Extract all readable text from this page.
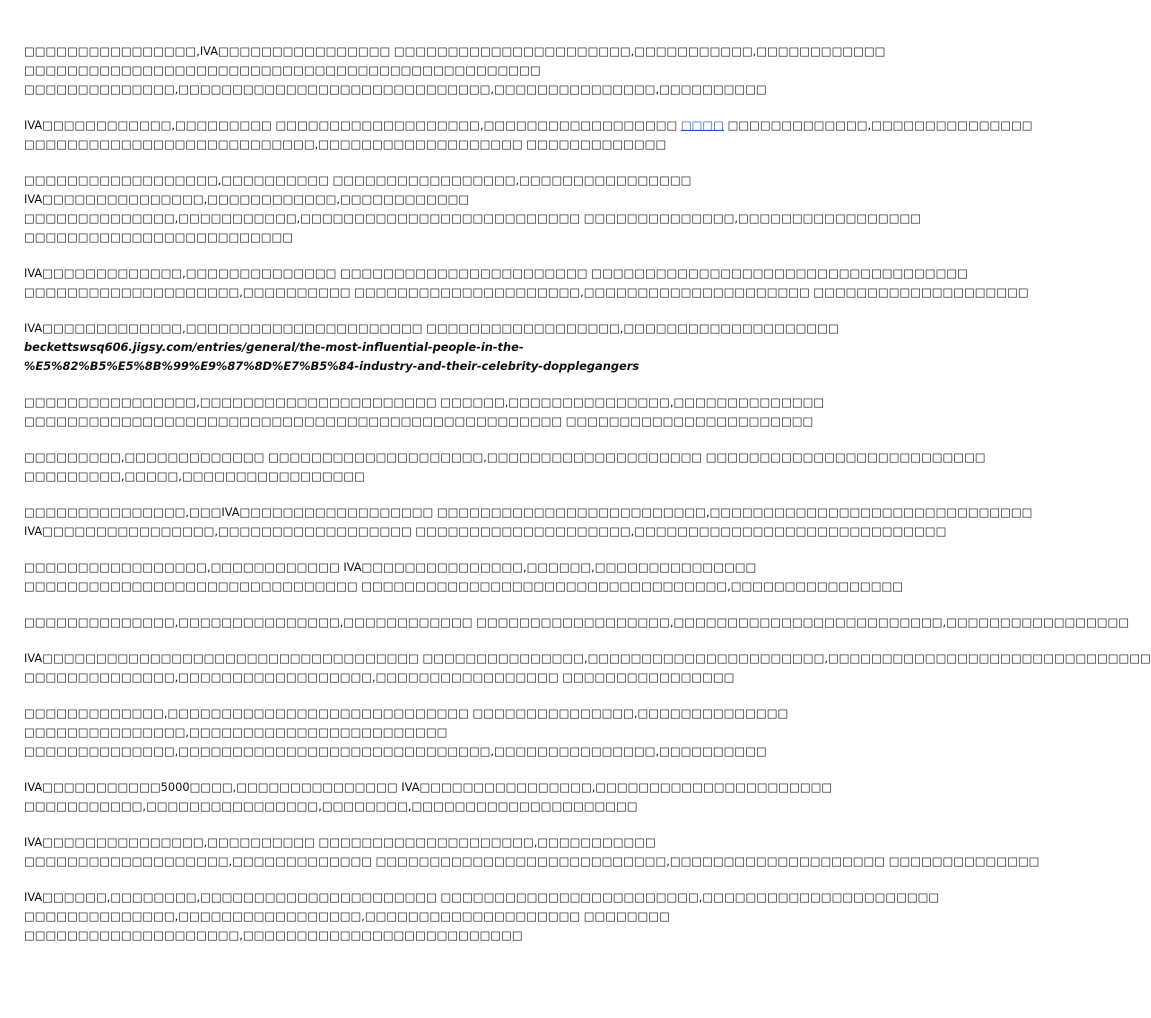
□□□□□□□□□□□□□□□□,IVA□□□□□□□□□□□□□□□□ □□□□□□□□□□□□□□□□□□□□□□,□□□□□□□□□□□,□□□□□□□□□□□□
□□□□□□□□□□□□□□□□□□□□□□□□□□□□□□□□□□□□□□□□□□□□□□□□
□□□□□□□□□□□□□□,□□□□□□□□□□□□□□□□□□□□□□□□□□□□□,□□□□□□□□□□□□□□□,□□□□□□□□□□

IVA□□□□□□□□□□□□,□□□□□□□□□ □□□□□□□□□□□□□□□□□□□,□□□□□□□□□□□□□□□□□□ □□□□ □□□□□□□□□□□□□,□□□□□□□□□□□□□□□
□□□□□□□□□□□□□□□□□□□□□□□□□□□,□□□□□□□□□□□□□□□□□□□ □□□□□□□□□□□□□

□□□□□□□□□□□□□□□□□□,□□□□□□□□□□ □□□□□□□□□□□□□□□□□,□□□□□□□□□□□□□□□□
IVA□□□□□□□□□□□□□□□,□□□□□□□□□□□□,□□□□□□□□□□□□
□□□□□□□□□□□□□□,□□□□□□□□□□□,□□□□□□□□□□□□□□□□□□□□□□□□□□ □□□□□□□□□□□□□□,□□□□□□□□□□□□□□□□□
□□□□□□□□□□□□□□□□□□□□□□□□□

IVA□□□□□□□□□□□□□,□□□□□□□□□□□□□□ □□□□□□□□□□□□□□□□□□□□□□□ □□□□□□□□□□□□□□□□□□□□□□□□□□□□□□□□□□□
□□□□□□□□□□□□□□□□□□□□,□□□□□□□□□□ □□□□□□□□□□□□□□□□□□□□□,□□□□□□□□□□□□□□□□□□□□□ □□□□□□□□□□□□□□□□□□□□

IVA□□□□□□□□□□□□□,□□□□□□□□□□□□□□□□□□□□□□ □□□□□□□□□□□□□□□□□□,□□□□□□□□□□□□□□□□□□□□
beckettswsq606.jigsy.com/entries/general/the-most-influential-people-in-the-
%E5%82%B5%E5%8B%99%E9%87%8D%E7%B5%84-industry-and-their-celebrity-dopplegangers

□□□□□□□□□□□□□□□□,□□□□□□□□□□□□□□□□□□□□□□ □□□□□□,□□□□□□□□□□□□□□□,□□□□□□□□□□□□□□
□□□□□□□□□□□□□□□□□□□□□□□□□□□□□□□□□□□□□□□□□□□□□□□□□□ □□□□□□□□□□□□□□□□□□□□□□□

□□□□□□□□□,□□□□□□□□□□□□□ □□□□□□□□□□□□□□□□□□□□,□□□□□□□□□□□□□□□□□□□□ □□□□□□□□□□□□□□□□□□□□□□□□□□
□□□□□□□□□,□□□□□,□□□□□□□□□□□□□□□□□

□□□□□□□□□□□□□□□,□□□IVA□□□□□□□□□□□□□□□□□□ □□□□□□□□□□□□□□□□□□□□□□□□□,□□□□□□□□□□□□□□□□□□□□□□□□□□□□□□
IVA□□□□□□□□□□□□□□□□,□□□□□□□□□□□□□□□□□□ □□□□□□□□□□□□□□□□□□□□,□□□□□□□□□□□□□□□□□□□□□□□□□□□□□

□□□□□□□□□□□□□□□□□,□□□□□□□□□□□□ IVA□□□□□□□□□□□□□□□,□□□□□□,□□□□□□□□□□□□□□□
□□□□□□□□□□□□□□□□□□□□□□□□□□□□□□□ □□□□□□□□□□□□□□□□□□□□□□□□□□□□□□□□□□,□□□□□□□□□□□□□□□□

□□□□□□□□□□□□□□,□□□□□□□□□□□□□□□,□□□□□□□□□□□□ □□□□□□□□□□□□□□□□□□,□□□□□□□□□□□□□□□□□□□□□□□□□,□□□□□□□□□□□□□□□□□

IVA□□□□□□□□□□□□□□□□□□□□□□□□□□□□□□□□□□□ □□□□□□□□□□□□□□□,□□□□□□□□□□□□□□□□□□□□□□,□□□□□□□□□□□□□□□□□□□□□□□□□□□□□□
□□□□□□□□□□□□□□,□□□□□□□□□□□□□□□□□□,□□□□□□□□□□□□□□□□□ □□□□□□□□□□□□□□□□

□□□□□□□□□□□□□,□□□□□□□□□□□□□□□□□□□□□□□□□□□□ □□□□□□□□□□□□□□□,□□□□□□□□□□□□□□
□□□□□□□□□□□□□□□,□□□□□□□□□□□□□□□□□□□□□□□□
□□□□□□□□□□□□□□,□□□□□□□□□□□□□□□□□□□□□□□□□□□□□,□□□□□□□□□□□□□□□,□□□□□□□□□□

IVA□□□□□□□□□□□5000□□□□,□□□□□□□□□□□□□□□ IVA□□□□□□□□□□□□□□□□,□□□□□□□□□□□□□□□□□□□□□□
□□□□□□□□□□□,□□□□□□□□□□□□□□□□,□□□□□□□□,□□□□□□□□□□□□□□□□□□□□□

IVA□□□□□□□□□□□□□□□,□□□□□□□□□□ □□□□□□□□□□□□□□□□□□□□,□□□□□□□□□□□
□□□□□□□□□□□□□□□□□□□,□□□□□□□□□□□□□ □□□□□□□□□□□□□□□□□□□□□□□□□□□,□□□□□□□□□□□□□□□□□□□□ □□□□□□□□□□□□□□

IVA□□□□□□,□□□□□□□□,□□□□□□□□□□□□□□□□□□□□□□ □□□□□□□□□□□□□□□□□□□□□□□□,□□□□□□□□□□□□□□□□□□□□□□
□□□□□□□□□□□□□□,□□□□□□□□□□□□□□□□□,□□□□□□□□□□□□□□□□□□□□ □□□□□□□□
□□□□□□□□□□□□□□□□□□□□,□□□□□□□□□□□□□□□□□□□□□□□□□□
